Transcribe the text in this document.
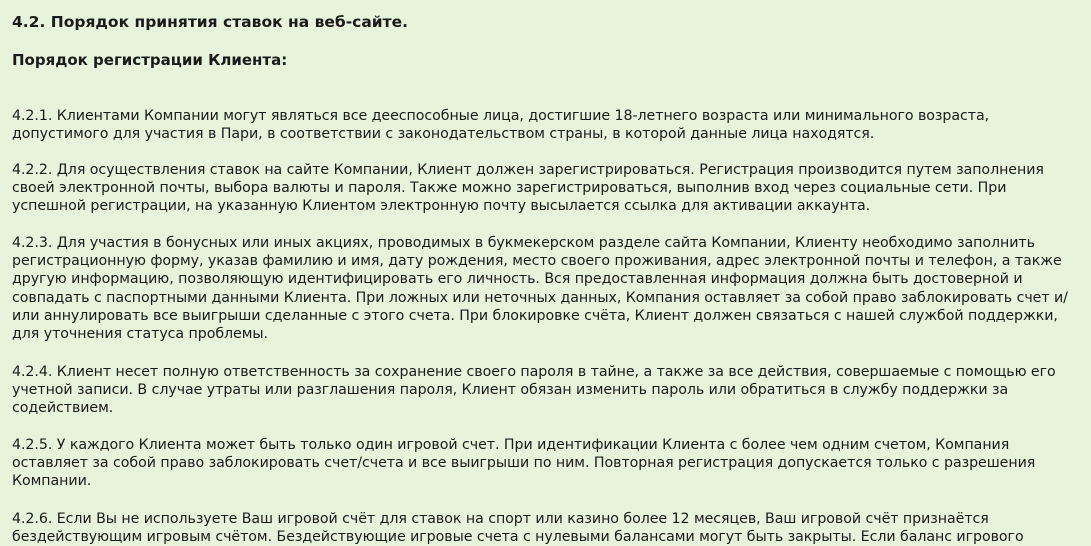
4.2. Порядок принятия ставок на веб-сайте.
Порядок регистрации Клиента:

4.2.1. Клиентами Компании могут являться все дееспособные лица, достигшие 18-летнего возраста или минимального возраста, допустимого для участия в Пари, в соответствии с законодательством страны, в которой данные лица находятся.

4.2.2. Для осуществления ставок на сайте Компании, Клиент должен зарегистрироваться. Регистрация производится путем заполнения своей электронной почты, выбора валюты и пароля. Также можно зарегистрироваться, выполнив вход через социальные сети. При успешной регистрации, на указанную Клиентом электронную почту высылается ссылка для активации аккаунта.

4.2.3. Для участия в бонусных или иных акциях, проводимых в букмекерском разделе сайта Компании, Клиенту необходимо заполнить регистрационную форму, указав фамилию и имя, дату рождения, место своего проживания, адрес электронной почты и телефон, а также другую информацию, позволяющую идентифицировать его личность. Вся предоставленная информация должна быть достоверной и совпадать с паспортными данными Клиента. При ложных или неточных данных, Компания оставляет за собой право заблокировать счет и/или аннулировать все выигрыши сделанные с этого счета. При блокировке счёта, Клиент должен связаться с нашей службой поддержки, для уточнения статуса проблемы.

4.2.4. Клиент несет полную ответственность за сохранение своего пароля в тайне, а также за все действия, совершаемые с помощью его учетной записи. В случае утраты или разглашения пароля, Клиент обязан изменить пароль или обратиться в службу поддержки за содействием.

4.2.5. У каждого Клиента может быть только один игровой счет. При идентификации Клиента с более чем одним счетом, Компания оставляет за собой право заблокировать счет/счета и все выигрыши по ним. Повторная регистрация допускается только с разрешения Компании.

4.2.6. Если Вы не используете Ваш игровой счёт для ставок на спорт или казино более 12 месяцев, Ваш игровой счёт признаётся бездействующим игровым счётом. Бездействующие игровые счета с нулевыми балансами могут быть закрыты. Если баланс игрового
